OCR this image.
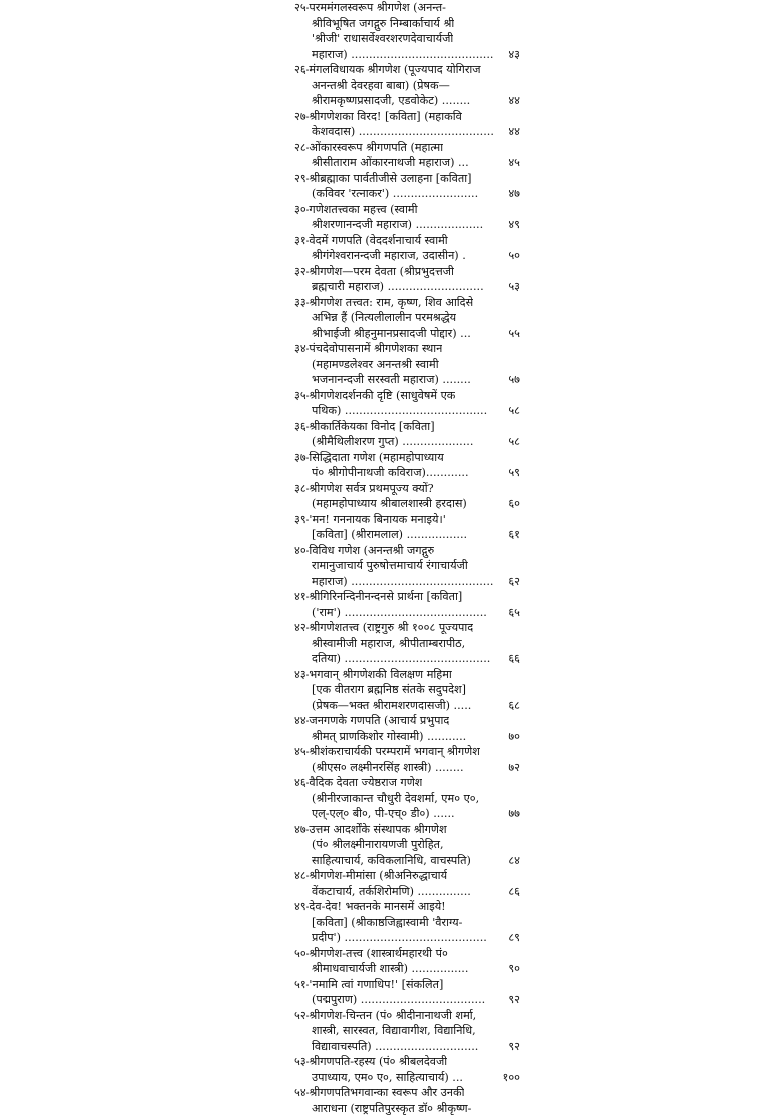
२५-परममंगलस्वरूप श्रीगणेश (अनन्त-
श्रीविभूषित जगद्गुरु निम्बार्काचार्य श्री
'श्रीजी' राधासर्वेश्वरशरणदेवाचार्यजी
महाराज) ........................................	४३
२६-मंगलविधायक श्रीगणेश (पूज्यपाद योगिराज
अनन्तश्री देवरहवा बाबा) (प्रेषक—
श्रीरामकृष्णप्रसादजी, एडवोकेट) ........	४४
२७-श्रीगणेशका विरद! [कविता] (महाकवि
केशवदास) ......................................	४४
२८-ओंकारस्वरूप श्रीगणपति (महात्मा
श्रीसीताराम ओंकारनाथजी महाराज) ...	४५
२९-श्रीब्रह्माका पार्वतीजीसे उलाहना [कविता]
(कविवर 'रत्नाकर') ........................	४७
३०-गणेशतत्त्वका महत्त्व (स्वामी
श्रीशरणानन्दजी महाराज) ...................	४९
३१-वेदमें गणपति (वेददर्शनाचार्य स्वामी
श्रीगंगेश्वरानन्दजी महाराज, उदासीन) .	५०
३२-श्रीगणेश—परम देवता (श्रीप्रभुदत्तजी
ब्रह्मचारी महाराज) ...........................	५३
३३-श्रीगणेश तत्त्वत: राम, कृष्ण, शिव आदिसे
अभिन्न हैं (नित्यलीलालीन परमश्रद्धेय
श्रीभाईजी श्रीहनुमानप्रसादजी पोद्दार) ...	५५
३४-पंचदेवोपासनामें श्रीगणेशका स्थान
(महामण्डलेश्वर अनन्तश्री स्वामी
भजनानन्दजी सरस्वती महाराज) ........	५७
३५-श्रीगणेशदर्शनकी दृष्टि (साधुवेषमें एक
पथिक) ........................................	५८
३६-श्रीकार्तिकेयका विनोद [कविता]
(श्रीमैथिलीशरण गुप्त) ....................	५८
३७-सिद्धिदाता गणेश (महामहोपाध्याय
पं० श्रीगोपीनाथजी कविराज)............	५९
३८-श्रीगणेश सर्वत्र प्रथमपूज्य क्यों?
(महामहोपाध्याय श्रीबालशास्त्री हरदास)	६०
३९-'मन! गननायक बिनायक मनाइये।'
[कविता] (श्रीरामलाल) .................	६१
४०-विविध गणेश (अनन्तश्री जगद्गुरु
रामानुजाचार्य पुरुषोत्तमाचार्य रंगाचार्यजी
महाराज) ........................................	६२
४१-श्रीगिरिनन्दिनीनन्दनसे प्रार्थना [कविता]
('राम') ........................................	६५
४२-श्रीगणेशतत्त्व (राष्ट्रगुरु श्री १००८ पूज्यपाद
श्रीस्वामीजी महाराज, श्रीपीताम्बरापीठ,
दतिया) .........................................	६६
४३-भगवान् श्रीगणेशकी विलक्षण महिमा
[एक वीतराग ब्रह्मनिष्ठ संतके सदुपदेश]
(प्रेषक—भक्त श्रीरामशरणदासजी) .....	६८
४४-जनगणके गणपति (आचार्य प्रभुपाद
श्रीमत् प्राणकिशोर गोस्वामी) ...........	७०
४५-श्रीशंकराचार्यकी परम्परामें भगवान् श्रीगणेश
(श्रीएस० लक्ष्मीनरसिंह शास्त्री) ........	७२
४६-वैदिक देवता ज्येष्ठराज गणेश
(श्रीनीरजाकान्त चौधुरी देवशर्मा, एम० ए०,
एल्-एल्० बी०, पी-एच्० डी०) ......	७७
४७-उत्तम आदर्शोंके संस्थापक श्रीगणेश
(पं० श्रीलक्ष्मीनारायणजी पुरोहित,
साहित्याचार्य, कविकलानिधि, वाचस्पति)	८४
४८-श्रीगणेश-मीमांसा (श्रीअनिरुद्धाचार्य
वेंकटाचार्य, तर्कशिरोमणि) ...............	८६
४९-देव-देव! भक्तनके मानसमें आइये!
[कविता] (श्रीकाष्ठजिह्वास्वामी 'वैराग्य-
प्रदीप') ........................................	८९
५०-श्रीगणेश-तत्त्व (शास्त्रार्थमहारथी पं०
श्रीमाधवाचार्यजी शास्त्री) ................	९०
५१-'नमामि त्वां गणाधिप!' [संकलित]
(पद्मपुराण) ...................................	९२
५२-श्रीगणेश-चिन्तन (पं० श्रीदीनानाथजी शर्मा,
शास्त्री, सारस्वत, विद्यावागीश, विद्यानिधि,
विद्यावाचस्पति) .............................	९२
५३-श्रीगणपति-रहस्य (पं० श्रीबलदेवजी
उपाध्याय, एम० ए०, साहित्याचार्य) ...	१००
५४-श्रीगणपतिभगवान्का स्वरूप और उनकी
आराधना (राष्ट्रपतिपुरस्कृत डॉ० श्रीकृष्ण-
